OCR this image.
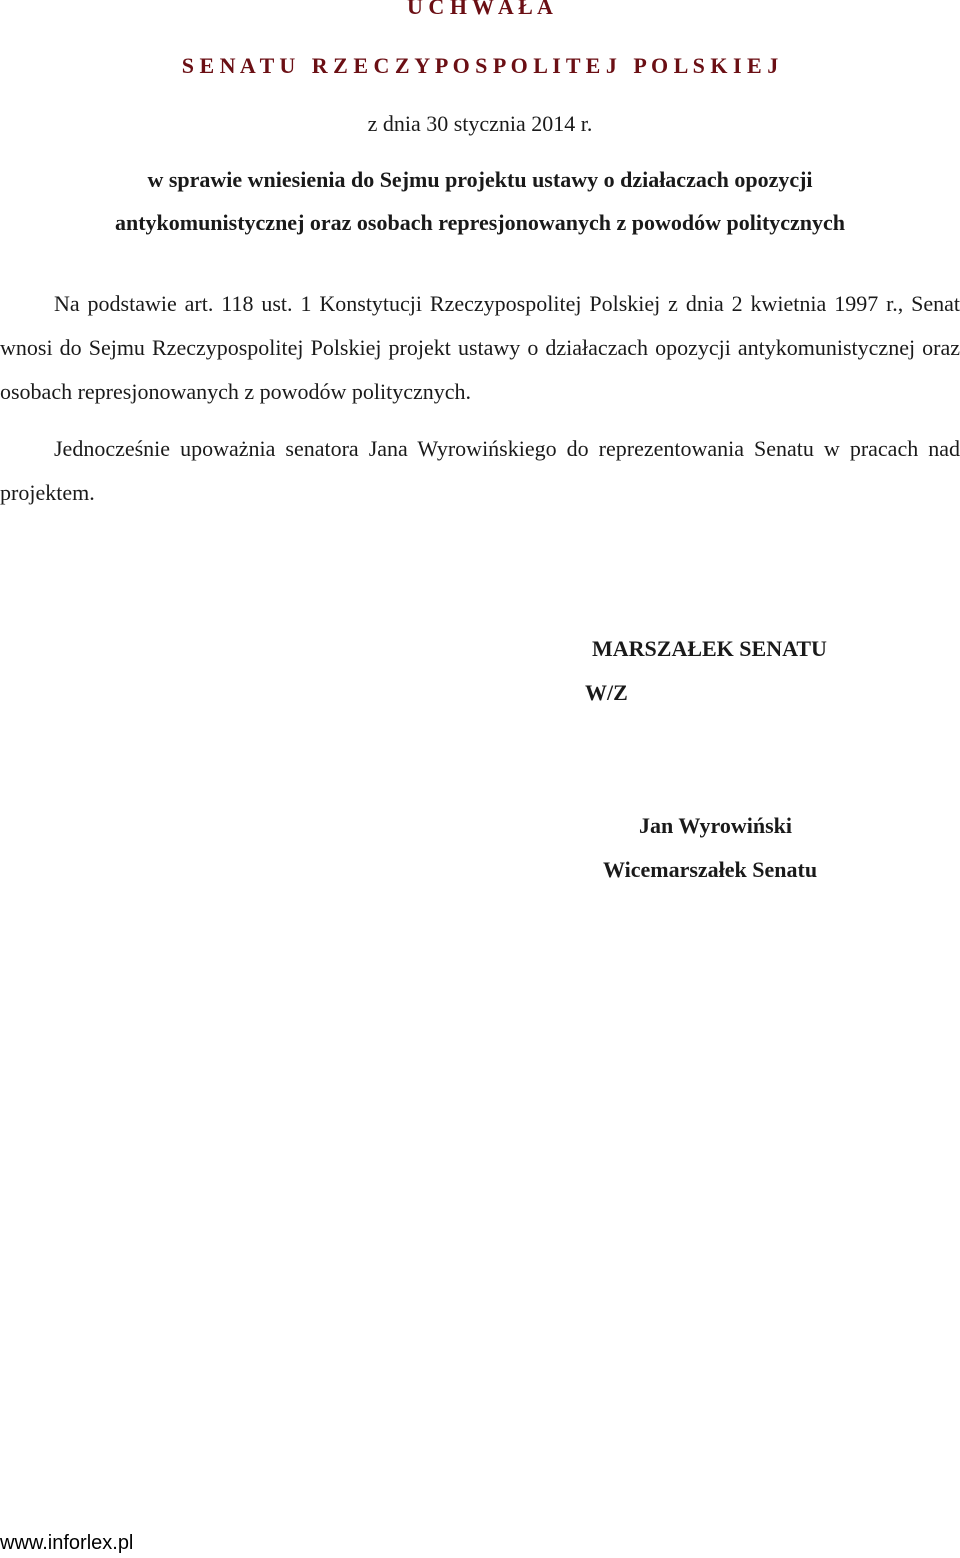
U C H W A Ł A
S E N A T U   R Z E C Z Y P O S P O L I T E J   P O L S K I E J
z dnia 30 stycznia 2014 r.
w sprawie wniesienia do Sejmu projektu ustawy o działaczach opozycji
antykomunistycznej oraz osobach represjonowanych z powodów politycznych
Na podstawie art. 118 ust. 1 Konstytucji Rzeczypospolitej Polskiej z dnia 2 kwietnia 1997 r., Senat wnosi do Sejmu Rzeczypospolitej Polskiej projekt ustawy o działaczach opozycji antykomunistycznej oraz osobach represjonowanych z powodów politycznych.
Jednocześnie upoważnia senatora Jana Wyrowińskiego do reprezentowania Senatu w pracach nad projektem.
MARSZAŁEK SENATU
W/Z
Jan Wyrowiński
Wicemarszałek Senatu
www.inforlex.pl
